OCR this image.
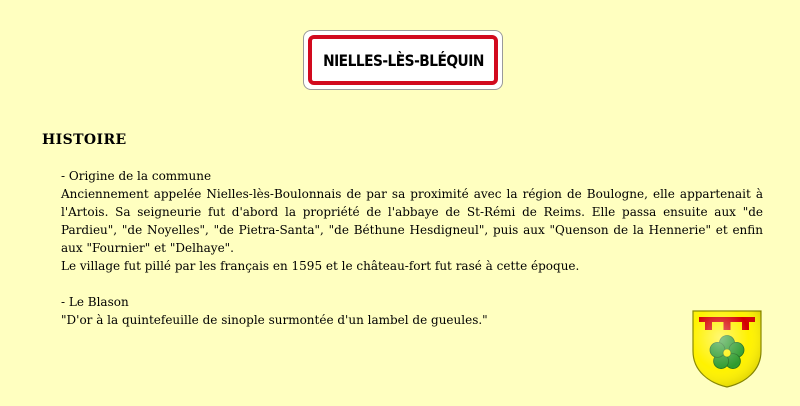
NIELLES-LÈS-BLÉQUIN
HISTOIRE

- Origine de la commune

Anciennement appelée Nielles-lès-Boulonnais de par sa proximité avec la région de Boulogne, elle appartenait à l'Artois. Sa seigneurie fut d'abord la propriété de l'abbaye de St-Rémi de Reims. Elle passa ensuite aux "de Pardieu", "de Noyelles", "de Pietra-Santa", "de Béthune Hesdigneul", puis aux "Quenson de la Hennerie" et enfin aux "Fournier" et "Delhaye".

Le village fut pillé par les français en 1595 et le château-fort fut rasé à cette époque.

- Le Blason

"D'or à la quintefeuille de sinople surmontée d'un lambel de gueules."
